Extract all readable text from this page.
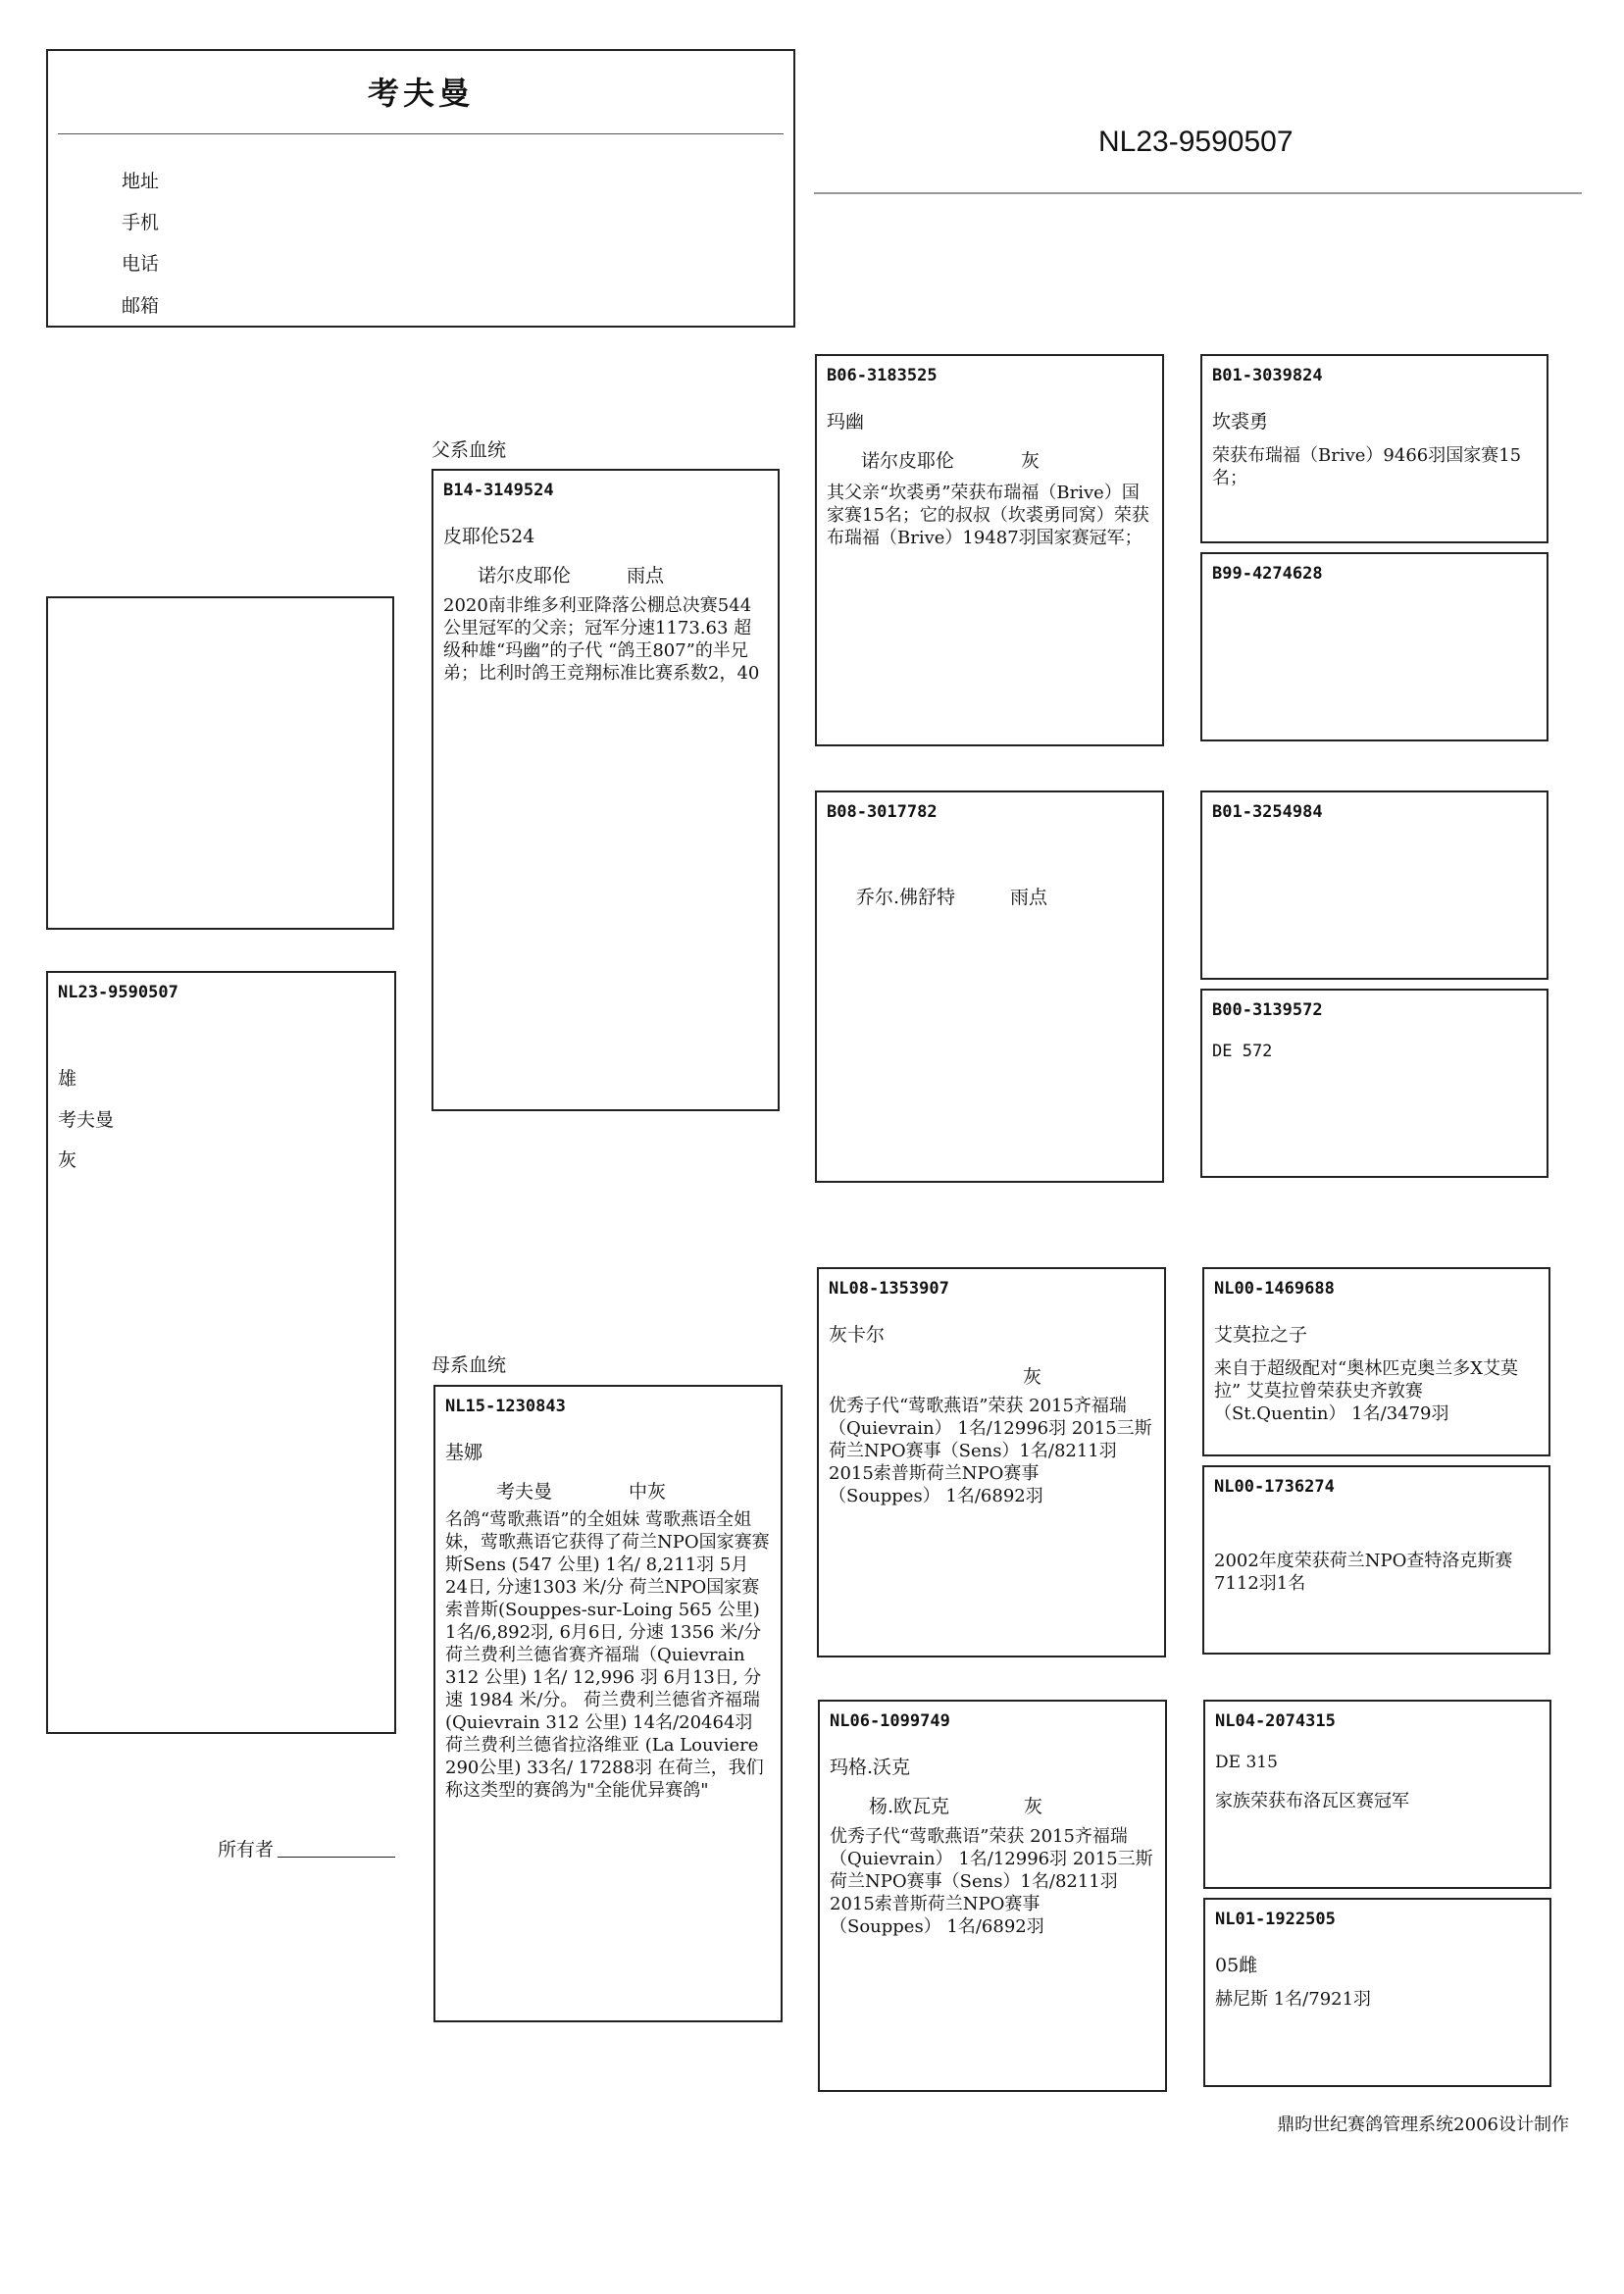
考夫曼
地址
手机
电话
邮箱
NL23-9590507
NL23-9590507
雄
考夫曼
灰
所有者
父系血统
母系血统
B14-3149524
皮耶伦524
诺尔皮耶伦	雨点
2020南非维多利亚降落公棚总决赛544公里冠军的父亲；冠军分速1173.63 超级种雄“玛幽”的子代 “鸽王807”的半兄弟；比利时鸽王竞翔标准比赛系数2，40
NL15-1230843
基娜
考夫曼	中灰
名鸽“莺歌燕语”的全姐妹 莺歌燕语全姐妹，莺歌燕语它获得了荷兰NPO国家赛赛斯Sens (547 公里) 1名/ 8,211羽 5月24日, 分速1303 米/分 荷兰NPO国家赛索普斯(Souppes-sur-Loing 565 公里) 1名/6,892羽, 6月6日, 分速 1356 米/分 荷兰费利兰德省赛齐福瑞（Quievrain 312 公里) 1名/ 12,996 羽 6月13日, 分速 1984 米/分。 荷兰费利兰德省齐福瑞 (Quievrain 312 公里) 14名/20464羽 荷兰费利兰德省拉洛维亚 (La Louviere 290公里) 33名/ 17288羽 在荷兰，我们称这类型的赛鸽为"全能优异赛鸽"
B06-3183525
玛幽
诺尔皮耶伦	灰
其父亲“坎裘勇”荣获布瑞福（Brive）国家赛15名；它的叔叔（坎裘勇同窝）荣获布瑞福（Brive）19487羽国家赛冠军；
B08-3017782
乔尔.佛舒特	雨点
NL08-1353907
灰卡尔
灰
优秀子代“莺歌燕语”荣获 2015齐福瑞（Quievrain） 1名/12996羽 2015三斯荷兰NPO赛事（Sens）1名/8211羽 2015索普斯荷兰NPO赛事 （Souppes） 1名/6892羽
NL06-1099749
玛格.沃克
杨.欧瓦克	灰
优秀子代“莺歌燕语”荣获 2015齐福瑞（Quievrain） 1名/12996羽 2015三斯荷兰NPO赛事（Sens）1名/8211羽 2015索普斯荷兰NPO赛事 （Souppes） 1名/6892羽
B01-3039824
坎裘勇
荣获布瑞福（Brive）9466羽国家赛15名；
B99-4274628
B01-3254984
B00-3139572
DE 572
NL00-1469688
艾莫拉之子
来自于超级配对“奥林匹克奥兰多X艾莫拉” 艾莫拉曾荣获史齐敦赛 （St.Quentin） 1名/3479羽
NL00-1736274
2002年度荣获荷兰NPO查特洛克斯赛7112羽1名
NL04-2074315
DE 315
家族荣获布洛瓦区赛冠军
NL01-1922505
05雌
赫尼斯 1名/7921羽
鼎昀世纪赛鸽管理系统2006设计制作
